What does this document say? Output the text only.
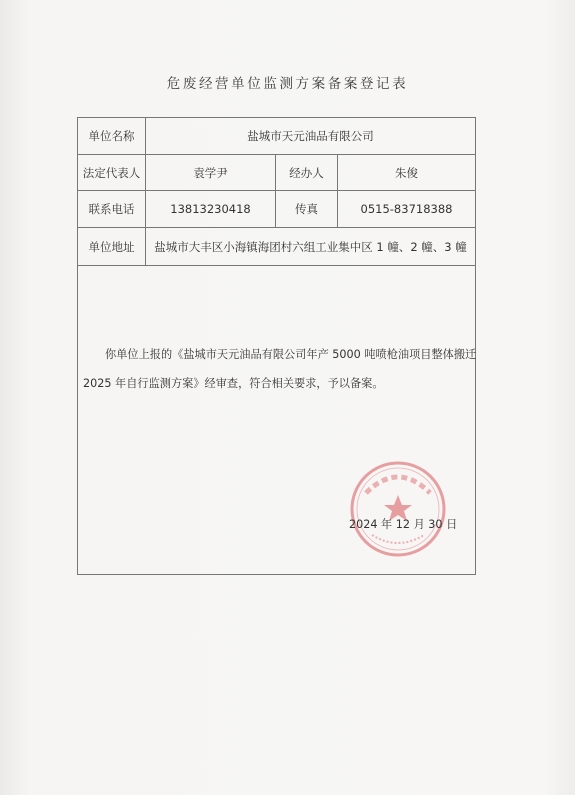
危废经营单位监测方案备案登记表
单位名称	盐城市天元油品有限公司
法定代表人	袁学尹	经办人	朱俊
联系电话	13813230418	传真	0515-83718388
单位地址	盐城市大丰区小海镇海团村六组工业集中区 1 幢、2 幢、3 幢
你单位上报的《盐城市天元油品有限公司年产 5000 吨喷枪油项目整体搬迁
2025 年自行监测方案》经审查，符合相关要求，予以备案。
2024 年 12 月 30 日
